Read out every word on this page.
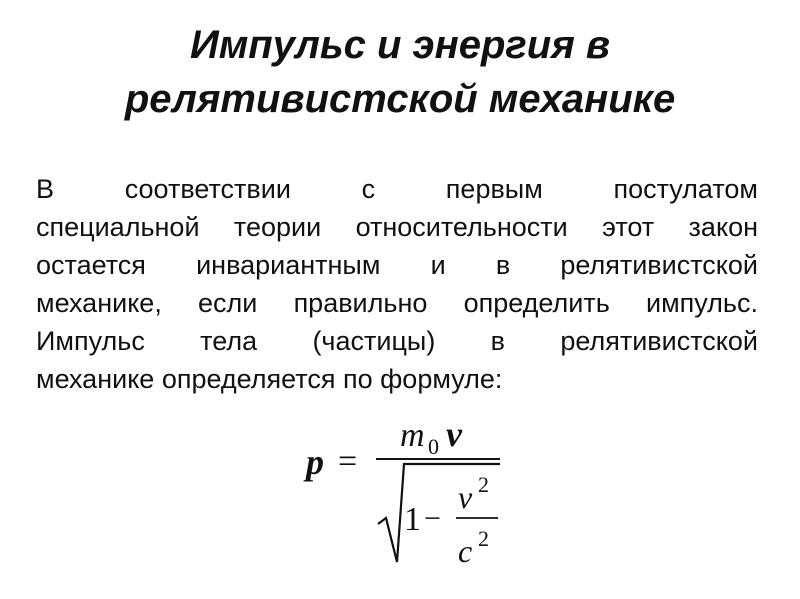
Импульс и энергия в
релятивистской механике

В соответствии с первым постулатом
специальной теории относительности этот закон
остается инвариантным и в релятивистской
механике, если правильно определить импульс.
Импульс тела (частицы) в релятивистской
механике определяется по формуле:

p =
m 0 v
1 −
v 2
c 2
